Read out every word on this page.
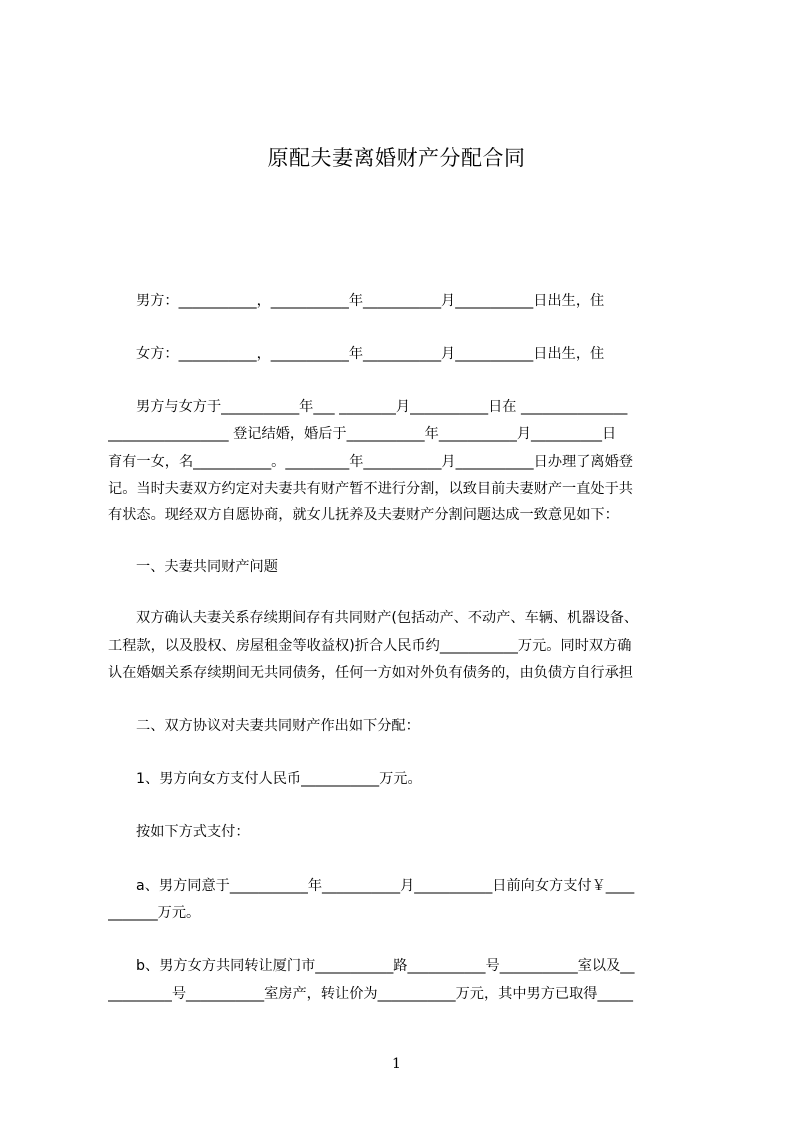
原配夫妻离婚财产分配合同
男方：___________，___________年___________月___________日出生，住
女方：___________，___________年___________月___________日出生，住
男方与女方于___________年___ ________月___________日在 _______________
_________________ 登记结婚，婚后于___________年___________月__________日
育有一女，名___________。_________年___________月___________日办理了离婚登
记。当时夫妻双方约定对夫妻共有财产暂不进行分割，以致目前夫妻财产一直处于共
有状态。现经双方自愿协商，就女儿抚养及夫妻财产分割问题达成一致意见如下：
一、夫妻共同财产问题
双方确认夫妻关系存续期间存有共同财产(包括动产、不动产、车辆、机器设备、
工程款，以及股权、房屋租金等收益权)折合人民币约___________万元。同时双方确
认在婚姻关系存续期间无共同债务，任何一方如对外负有债务的，由负债方自行承担
二、双方协议对夫妻共同财产作出如下分配：
1、男方向女方支付人民币___________万元。
按如下方式支付：
a、男方同意于___________年___________月___________日前向女方支付￥____
_______万元。
b、男方女方共同转让厦门市___________路___________号___________室以及__
_________号___________室房产，转让价为___________万元，其中男方已取得_____
1
